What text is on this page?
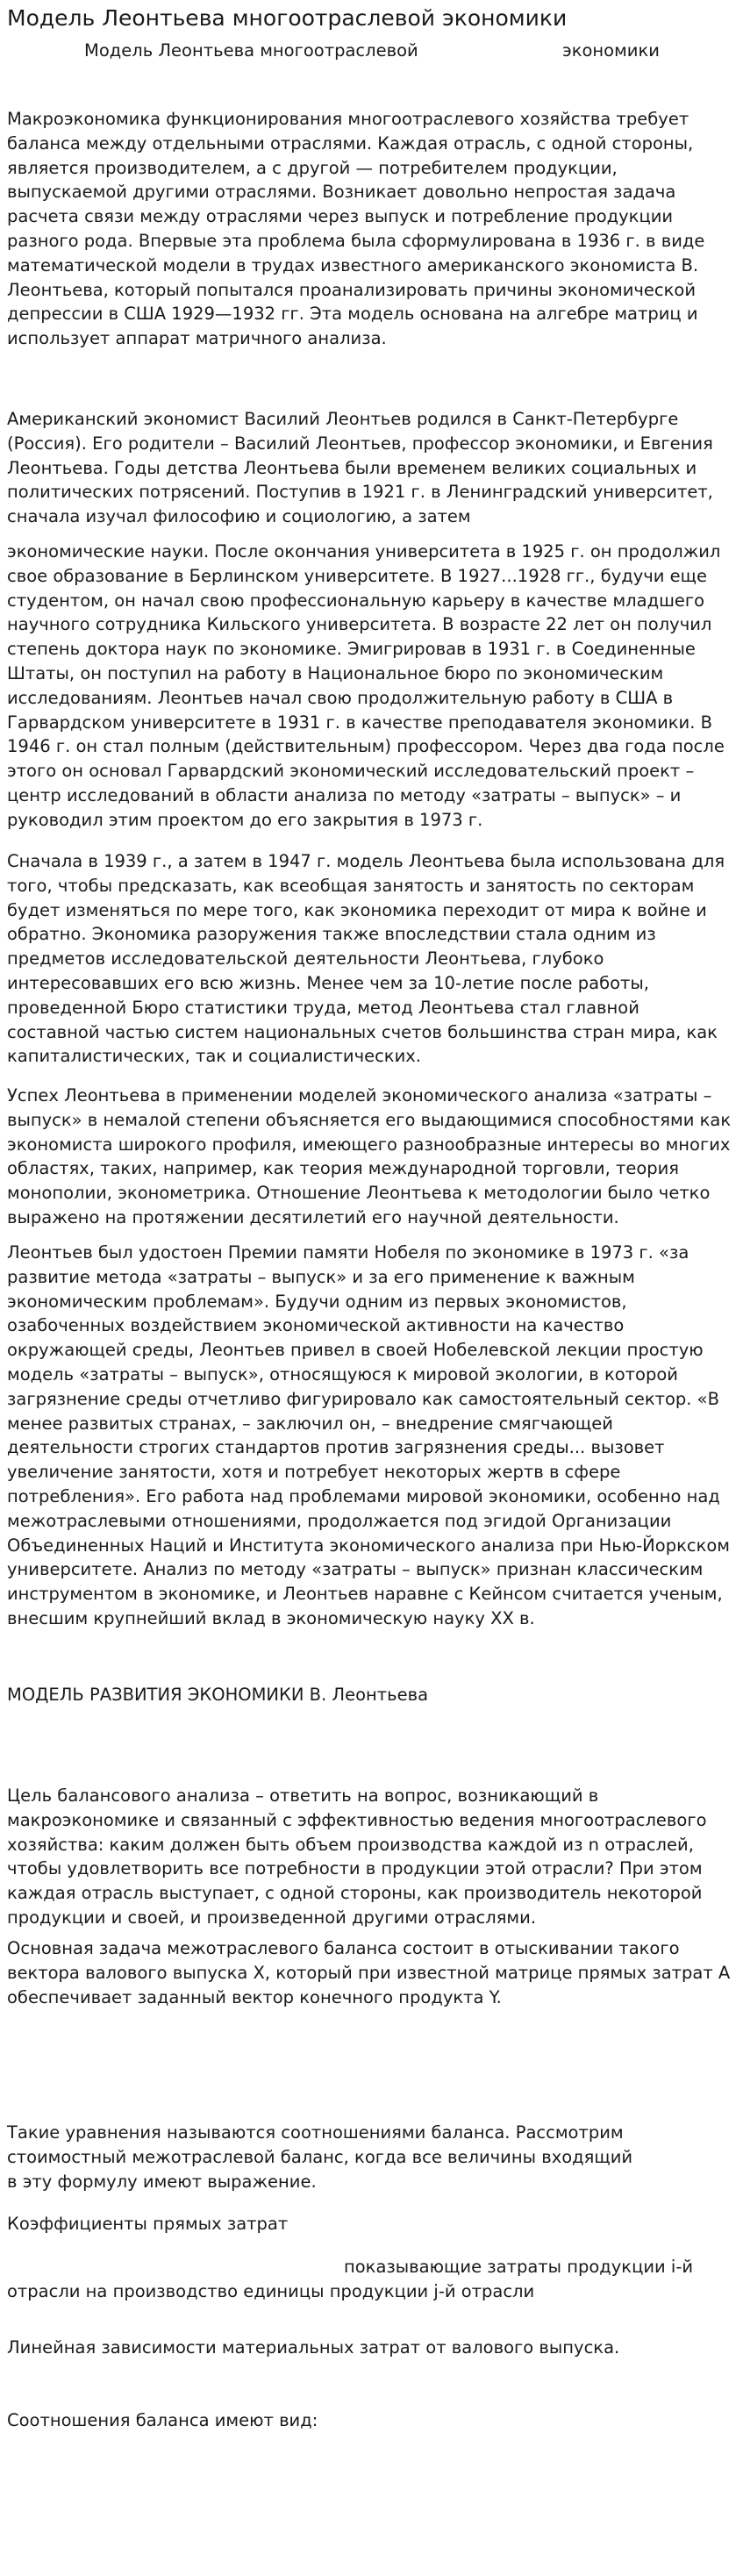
Модель Леонтьева многоотраслевой экономики
Модель Леонтьева многоотраслевой	экономики

Макроэкономика функционирования многоотраслевого хозяйства требует баланса между отдельными отраслями. Каждая отрасль, с одной стороны, является производителем, а с другой — потребителем продукции, выпускаемой другими отраслями. Возникает довольно непростая задача расчета связи между отраслями через выпуск и потребление продукции разного рода. Впервые эта проблема была сформулирована в 1936 г. в виде математической модели в трудах известного американского экономиста В. Леонтьева, который попытался проанализировать причины экономической депрессии в США 1929—1932 гг. Эта модель основана на алгебре матриц и использует аппарат матричного анализа.

Американский экономист Василий Леонтьев родился в Санкт-Петербурге (Россия). Его родители – Василий Леонтьев, профессор экономики, и Евгения Леонтьева. Годы детства Леонтьева были временем великих социальных и политических потрясений. Поступив в 1921 г. в Ленинградский университет, сначала изучал философию и социологию, а затем

экономические науки. После окончания университета в 1925 г. он продолжил свое образование в Берлинском университете. В 1927...1928 гг., будучи еще студентом, он начал свою профессиональную карьеру в качестве младшего научного сотрудника Кильского университета. В возрасте 22 лет он получил степень доктора наук по экономике. Эмигрировав в 1931 г. в Соединенные Штаты, он поступил на работу в Национальное бюро по экономическим исследованиям. Леонтьев начал свою продолжительную работу в США в Гарвардском университете в 1931 г. в качестве преподавателя экономики. В 1946 г. он стал полным (действительным) профессором. Через два года после этого он основал Гарвардский экономический исследовательский проект – центр исследований в области анализа по методу «затраты – выпуск» – и руководил этим проектом до его закрытия в 1973 г.

Сначала в 1939 г., а затем в 1947 г. модель Леонтьева была использована для того, чтобы предсказать, как всеобщая занятость и занятость по секторам будет изменяться по мере того, как экономика переходит от мира к войне и обратно. Экономика разоружения также впоследствии стала одним из предметов исследовательской деятельности Леонтьева, глубоко интересовавших его всю жизнь. Менее чем за 10-летие после работы, проведенной Бюро статистики труда, метод Леонтьева стал главной составной частью систем национальных счетов большинства стран мира, как капиталистических, так и социалистических.

Успех Леонтьева в применении моделей экономического анализа «затраты – выпуск» в немалой степени объясняется его выдающимися способностями как экономиста широкого профиля, имеющего разнообразные интересы во многих областях, таких, например, как теория международной торговли, теория монополии, эконометрика. Отношение Леонтьева к методологии было четко выражено на протяжении десятилетий его научной деятельности.

Леонтьев был удостоен Премии памяти Нобеля по экономике в 1973 г. «за развитие метода «затраты – выпуск» и за его применение к важным экономическим проблемам». Будучи одним из первых экономистов, озабоченных воздействием экономической активности на качество окружающей среды, Леонтьев привел в своей Нобелевской лекции простую модель «затраты – выпуск», относящуюся к мировой экологии, в которой загрязнение среды отчетливо фигурировало как самостоятельный сектор. «В менее развитых странах, – заключил он, – внедрение смягчающей деятельности строгих стандартов против загрязнения среды... вызовет увеличение занятости, хотя и потребует некоторых жертв в сфере потребления». Его работа над проблемами мировой экономики, особенно над межотраслевыми отношениями, продолжается под эгидой Организации Объединенных Наций и Института экономического анализа при Нью-Йоркском университете. Анализ по методу «затраты – выпуск» признан классическим инструментом в экономике, и Леонтьев наравне с Кейнсом считается ученым, внесшим крупнейший вклад в экономическую науку XX в.

МОДЕЛЬ РАЗВИТИЯ ЭКОНОМИКИ В. Леонтьева

Цель балансового анализа – ответить на вопрос, возникающий в макроэкономике и связанный с эффективностью ведения многоотраслевого хозяйства: каким должен быть объем производства каждой из n отраслей, чтобы удовлетворить все потребности в продукции этой отрасли? При этом каждая отрасль выступает, с одной стороны, как производитель некоторой продукции и своей, и произведенной другими отраслями.

Основная задача межотраслевого баланса состоит в отыскивании такого вектора валового выпуска X, который при известной матрице прямых затрат А обеспечивает заданный вектор конечного продукта Y.

Такие уравнения называются соотношениями баланса. Рассмотрим стоимостный межотраслевой баланс, когда все величины входящий в эту формулу имеют выражение.

Коэффициенты прямых затрат

показывающие затраты продукции i-й

отрасли на производство единицы продукции j-й отрасли

Линейная зависимости материальных затрат от валового выпуска.

Соотношения баланса имеют вид:
